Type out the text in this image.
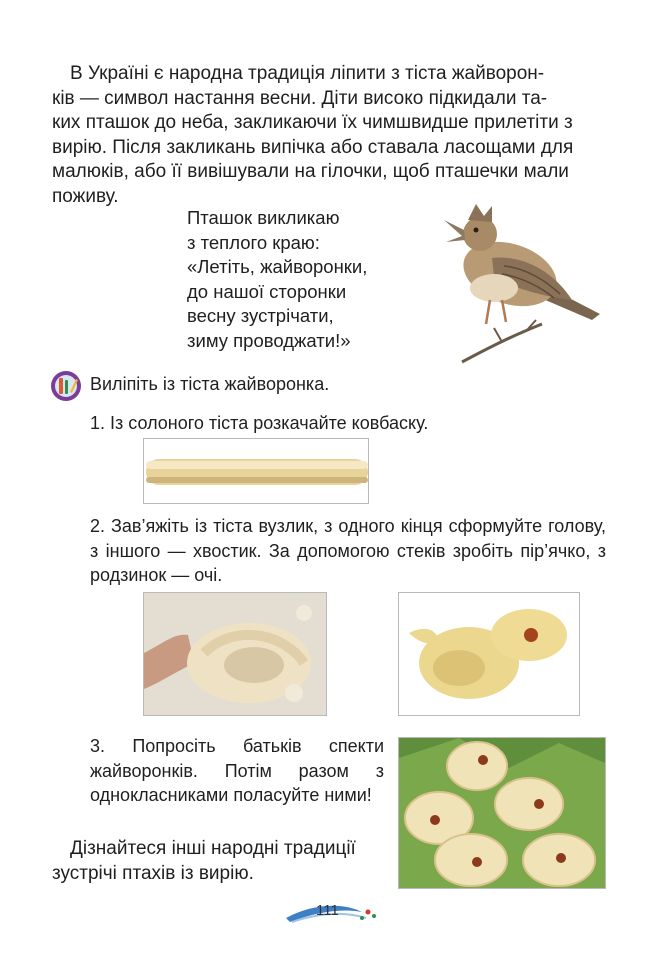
В Україні є народна традиція ліпити з тіста жайворон-
ків — символ настання весни. Діти високо підкидали та-
ких пташок до неба, закликаючи їх чимшвидше прилетіти з
вирію. Після закликань випічка або ставала ласощами для
малюків, або її вивішували на гілочки, щоб пташечки мали
поживу.
Пташок викликаю
з теплого краю:
«Летіть, жайворонки,
до нашої сторонки
весну зустрічати,
зиму проводжати!»
Виліпіть із тіста жайворонка.
1. Із солоного тіста розкачайте ковбаску.
2. Зав’яжіть із тіста вузлик, з одного кінця сформуйте голову, з іншого — хвостик. За допомогою стеків зробіть пір’ячко, з родзинок — очі.
3. Попросіть батьків спекти жайворонків. Потім разом з однокласниками поласуйте ними!
Дізнайтеся інші народні традиції
зустрічі птахів із вирію.
111
